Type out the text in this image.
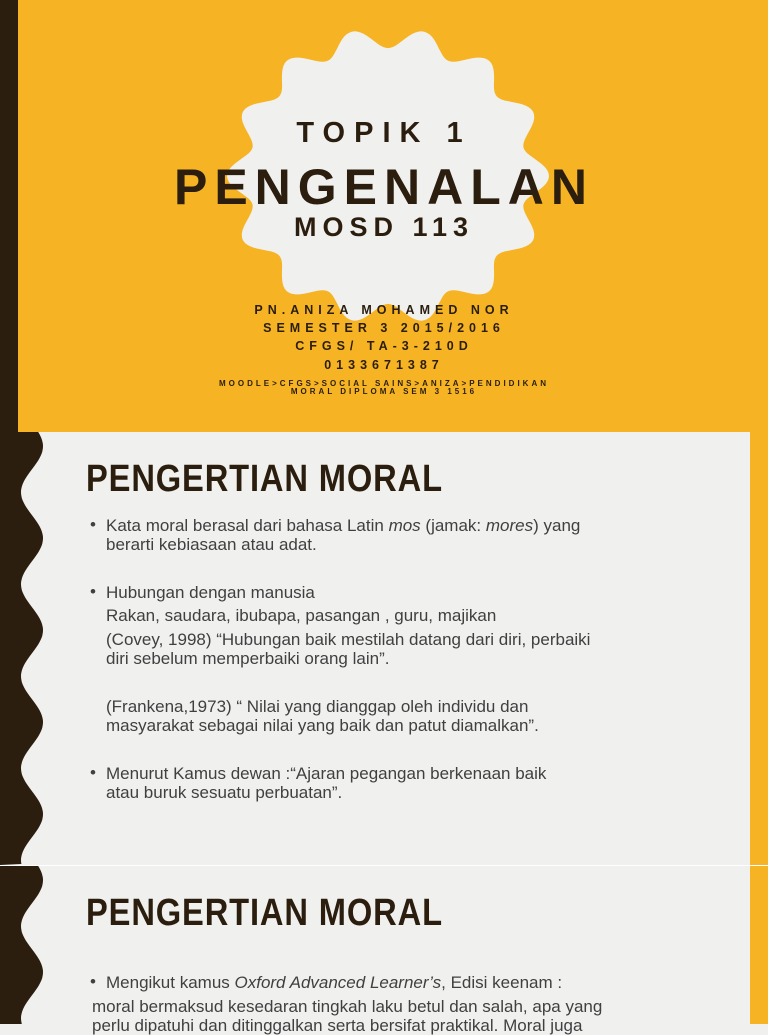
TOPIK 1
PENGENALAN
MOSD 113
PN.ANIZA MOHAMED NOR
SEMESTER 3 2015/2016
CFGS/ TA-3-210D
0133671387
MOODLE>CFGS>SOCIAL SAINS>ANIZA>PENDIDIKAN
MORAL DIPLOMA SEM 3 1516
PENGERTIAN MORAL
• Kata moral berasal dari bahasa Latin mos (jamak: mores) yang
berarti kebiasaan atau adat.
• Hubungan dengan manusia
Rakan, saudara, ibubapa, pasangan , guru, majikan
(Covey, 1998) “Hubungan baik mestilah datang dari diri, perbaiki
diri sebelum memperbaiki orang lain”.
(Frankena,1973) “ Nilai yang dianggap oleh individu dan
masyarakat sebagai nilai yang baik dan patut diamalkan”.
• Menurut Kamus dewan :“Ajaran pegangan berkenaan baik
atau buruk sesuatu perbuatan”.
PENGERTIAN MORAL
• Mengikut kamus Oxford Advanced Learner’s, Edisi keenam :
moral bermaksud kesedaran tingkah laku betul dan salah, apa yang
perlu dipatuhi dan ditinggalkan serta bersifat praktikal. Moral juga
